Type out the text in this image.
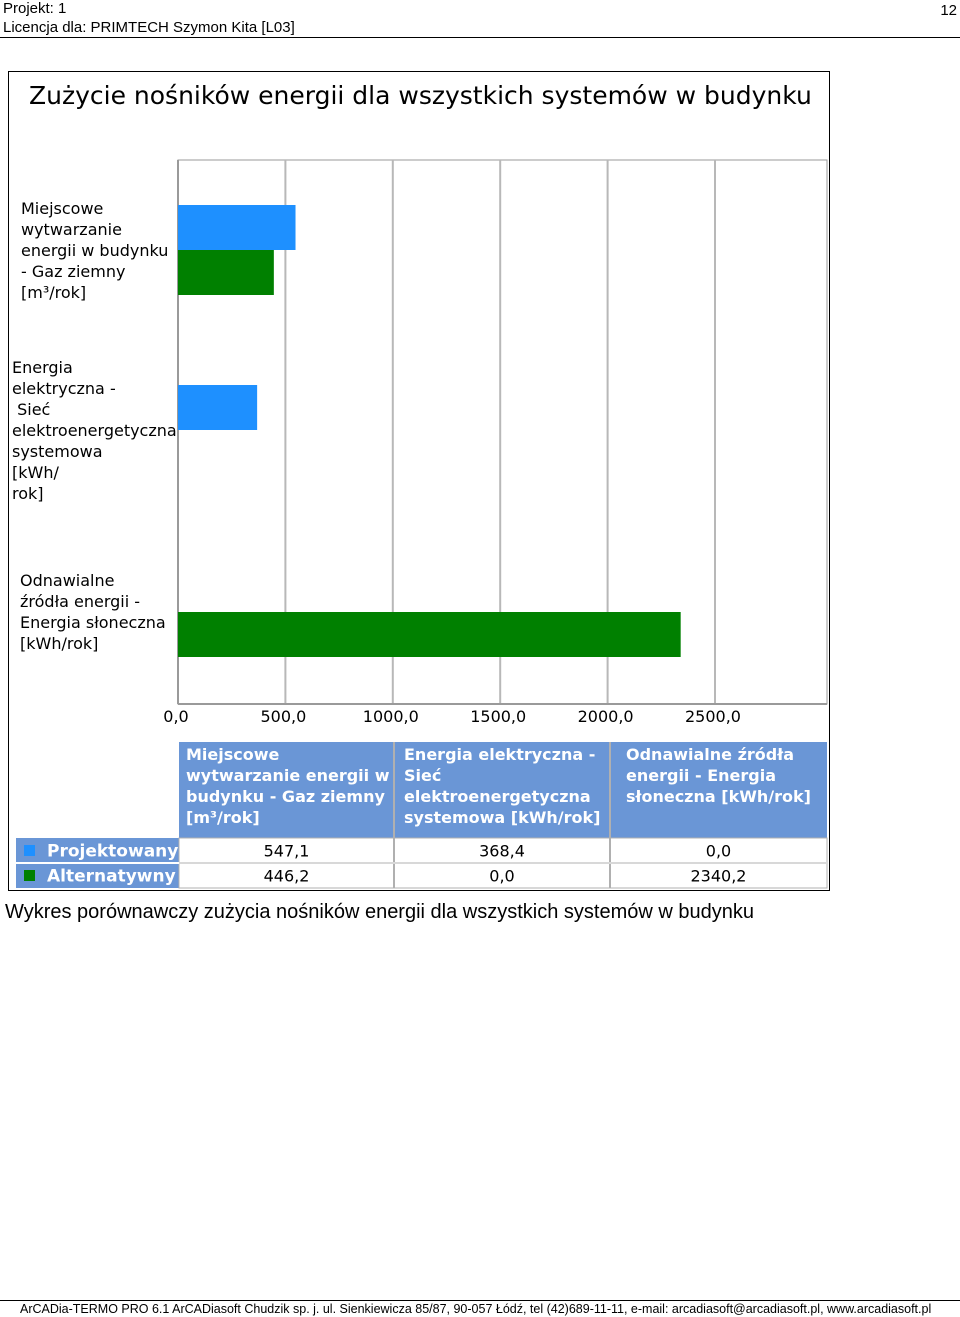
Projekt: 1
Licencja dla: PRIMTECH Szymon Kita [L03]
12
Zużycie nośników energii dla wszystkich systemów w budynku
0,0	500,0	1000,0	1500,0	2000,0	2500,0
Miejscowe wytwarzanie energii w budynku - Gaz ziemny [m³/rok]
Energia elektryczna - Sieć elektroenergetyczna systemowa [kWh/ rok]
Odnawialne źródła energii -Energia słoneczna [kWh/rok]
Miejscowe wytwarzanie energii w budynku - Gaz ziemny [m³/rok]
Energia elektryczna -Sieć elektroenergetyczna systemowa [kWh/rok]
Odnawialne źródła energii - Energia słoneczna [kWh/rok]
Projektowany	547,1	368,4	0,0
Alternatywny	446,2	0,0	2340,2
Wykres porównawczy zużycia nośników energii dla wszystkich systemów w budynku
ArCADia-TERMO PRO 6.1 ArCADiasoft Chudzik sp. j. ul. Sienkiewicza 85/87, 90-057 Łódź, tel (42)689-11-11, e-mail: arcadiasoft@arcadiasoft.pl, www.arcadiasoft.pl
